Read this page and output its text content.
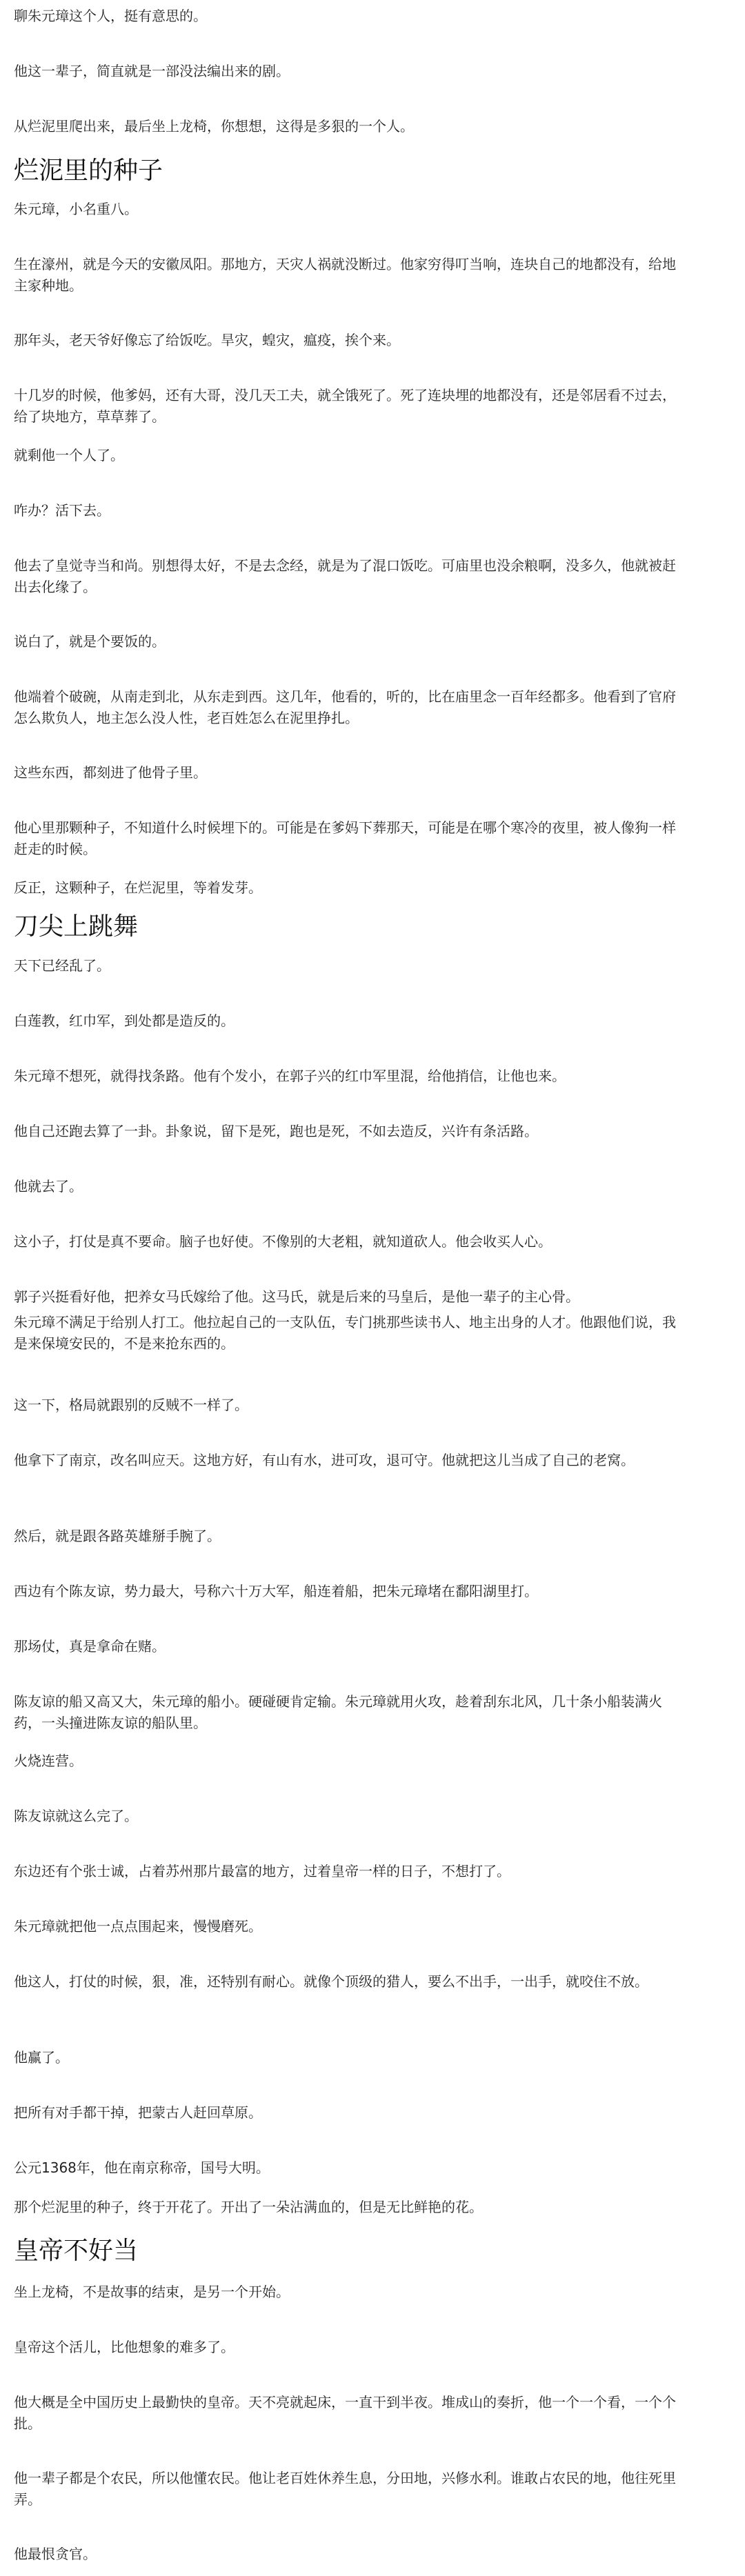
聊朱元璋这个人，挺有意思的。

他这一辈子，简直就是一部没法编出来的剧。

从烂泥里爬出来，最后坐上龙椅，你想想，这得是多狠的一个人。

烂泥里的种子

朱元璋，小名重八。

生在濠州，就是今天的安徽凤阳。那地方，天灾人祸就没断过。他家穷得叮当响，连块自己的地都没有，给地主家种地。

那年头，老天爷好像忘了给饭吃。旱灾，蝗灾，瘟疫，挨个来。

十几岁的时候，他爹妈，还有大哥，没几天工夫，就全饿死了。死了连块埋的地都没有，还是邻居看不过去，给了块地方，草草葬了。

就剩他一个人了。

咋办？活下去。

他去了皇觉寺当和尚。别想得太好，不是去念经，就是为了混口饭吃。可庙里也没余粮啊，没多久，他就被赶出去化缘了。

说白了，就是个要饭的。

他端着个破碗，从南走到北，从东走到西。这几年，他看的，听的，比在庙里念一百年经都多。他看到了官府怎么欺负人，地主怎么没人性，老百姓怎么在泥里挣扎。

这些东西，都刻进了他骨子里。

他心里那颗种子，不知道什么时候埋下的。可能是在爹妈下葬那天，可能是在哪个寒冷的夜里，被人像狗一样赶走的时候。

反正，这颗种子，在烂泥里，等着发芽。

刀尖上跳舞

天下已经乱了。

白莲教，红巾军，到处都是造反的。

朱元璋不想死，就得找条路。他有个发小，在郭子兴的红巾军里混，给他捎信，让他也来。

他自己还跑去算了一卦。卦象说，留下是死，跑也是死，不如去造反，兴许有条活路。

他就去了。

这小子，打仗是真不要命。脑子也好使。不像别的大老粗，就知道砍人。他会收买人心。

郭子兴挺看好他，把养女马氏嫁给了他。这马氏，就是后来的马皇后，是他一辈子的主心骨。

朱元璋不满足于给别人打工。他拉起自己的一支队伍，专门挑那些读书人、地主出身的人才。他跟他们说，我是来保境安民的，不是来抢东西的。

这一下，格局就跟别的反贼不一样了。

他拿下了南京，改名叫应天。这地方好，有山有水，进可攻，退可守。他就把这儿当成了自己的老窝。

然后，就是跟各路英雄掰手腕了。

西边有个陈友谅，势力最大，号称六十万大军，船连着船，把朱元璋堵在鄱阳湖里打。

那场仗，真是拿命在赌。

陈友谅的船又高又大，朱元璋的船小。硬碰硬肯定输。朱元璋就用火攻，趁着刮东北风，几十条小船装满火药，一头撞进陈友谅的船队里。

火烧连营。

陈友谅就这么完了。

东边还有个张士诚，占着苏州那片最富的地方，过着皇帝一样的日子，不想打了。

朱元璋就把他一点点围起来，慢慢磨死。

他这人，打仗的时候，狠，准，还特别有耐心。就像个顶级的猎人，要么不出手，一出手，就咬住不放。

他赢了。

把所有对手都干掉，把蒙古人赶回草原。

公元1368年，他在南京称帝，国号大明。

那个烂泥里的种子，终于开花了。开出了一朵沾满血的，但是无比鲜艳的花。

皇帝不好当

坐上龙椅，不是故事的结束，是另一个开始。

皇帝这个活儿，比他想象的难多了。

他大概是全中国历史上最勤快的皇帝。天不亮就起床，一直干到半夜。堆成山的奏折，他一个一个看，一个个批。

他一辈子都是个农民，所以他懂农民。他让老百姓休养生息，分田地，兴修水利。谁敢占农民的地，他往死里弄。

他最恨贪官。
